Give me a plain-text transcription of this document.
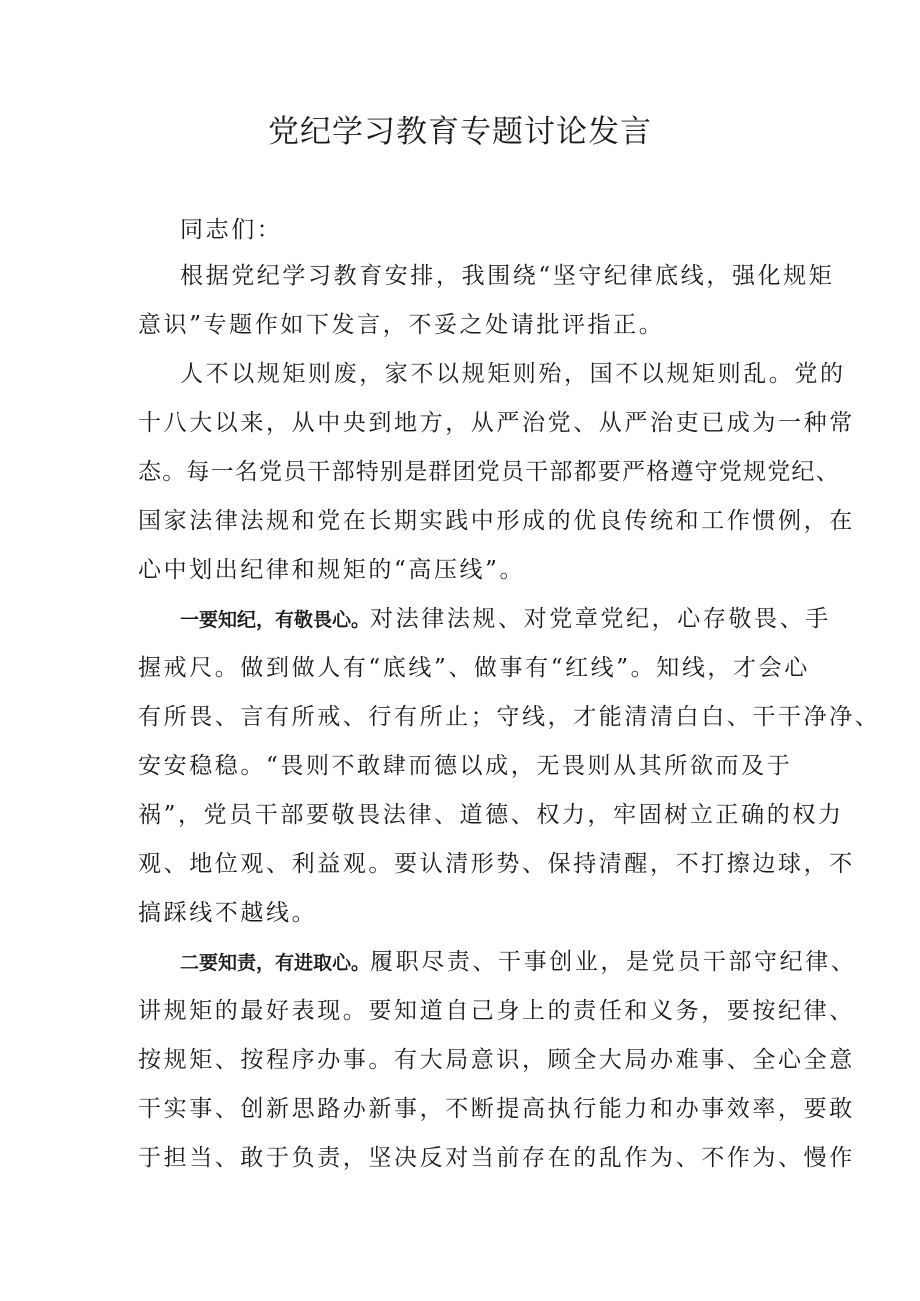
党纪学习教育专题讨论发言
同志们：
根据党纪学习教育安排，我围绕“坚守纪律底线，强化规矩
意识”专题作如下发言，不妥之处请批评指正。
人不以规矩则废，家不以规矩则殆，国不以规矩则乱。党的
十八大以来，从中央到地方，从严治党、从严治吏已成为一种常
态。每一名党员干部特别是群团党员干部都要严格遵守党规党纪、
国家法律法规和党在长期实践中形成的优良传统和工作惯例，在
心中划出纪律和规矩的“高压线”。
一要知纪，有敬畏心。对法律法规、对党章党纪，心存敬畏、手
握戒尺。做到做人有“底线”、做事有“红线”。知线，才会心
有所畏、言有所戒、行有所止；守线，才能清清白白、干干净净、
安安稳稳。“畏则不敢肆而德以成，无畏则从其所欲而及于
祸”，党员干部要敬畏法律、道德、权力，牢固树立正确的权力
观、地位观、利益观。要认清形势、保持清醒，不打擦边球，不
搞踩线不越线。
二要知责，有进取心。履职尽责、干事创业，是党员干部守纪律、
讲规矩的最好表现。要知道自己身上的责任和义务，要按纪律、
按规矩、按程序办事。有大局意识，顾全大局办难事、全心全意
干实事、创新思路办新事，不断提高执行能力和办事效率，要敢
于担当、敢于负责，坚决反对当前存在的乱作为、不作为、慢作
